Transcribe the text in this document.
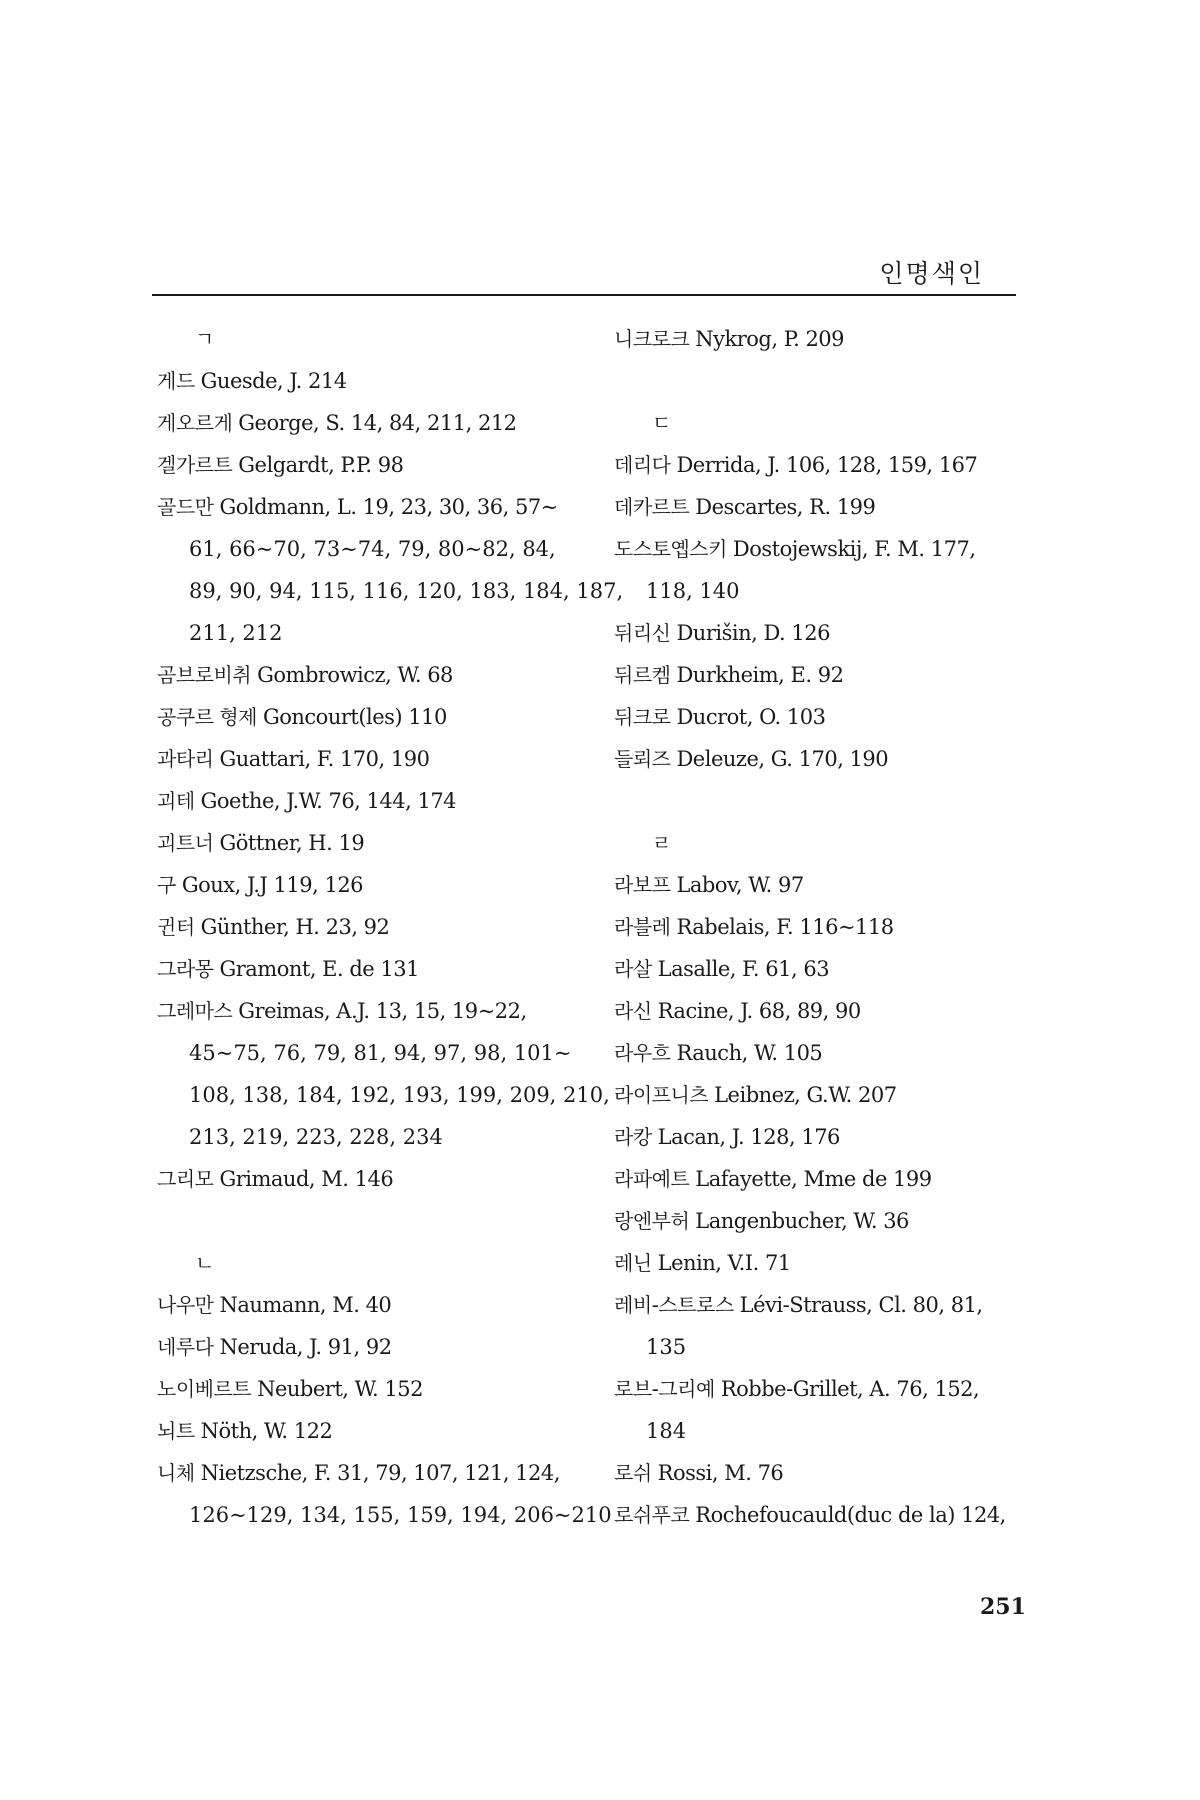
인명색인
ㄱ
게드 Guesde, J. 214
게오르게 George, S. 14, 84, 211, 212
겔가르트 Gelgardt, P.P. 98
골드만 Goldmann, L. 19, 23, 30, 36, 57∼
61, 66∼70, 73∼74, 79, 80∼82, 84,
89, 90, 94, 115, 116, 120, 183, 184, 187,
211, 212
곰브로비취 Gombrowicz, W. 68
공쿠르 형제 Goncourt(les) 110
과타리 Guattari, F. 170, 190
괴테 Goethe, J.W. 76, 144, 174
괴트너 Göttner, H. 19
구 Goux, J.J 119, 126
귄터 Günther, H. 23, 92
그라몽 Gramont, E. de 131
그레마스 Greimas, A.J. 13, 15, 19∼22,
45∼75, 76, 79, 81, 94, 97, 98, 101∼
108, 138, 184, 192, 193, 199, 209, 210,
213, 219, 223, 228, 234
그리모 Grimaud, M. 146
ㄴ
나우만 Naumann, M. 40
네루다 Neruda, J. 91, 92
노이베르트 Neubert, W. 152
뇌트 Nöth, W. 122
니체 Nietzsche, F. 31, 79, 107, 121, 124,
126∼129, 134, 155, 159, 194, 206∼210
니크로크 Nykrog, P. 209
ㄷ
데리다 Derrida, J. 106, 128, 159, 167
데카르트 Descartes, R. 199
도스토옙스키 Dostojewskij, F. M. 177,
118, 140
뒤리신 Durišin, D. 126
뒤르켐 Durkheim, E. 92
뒤크로 Ducrot, O. 103
들뢰즈 Deleuze, G. 170, 190
ㄹ
라보프 Labov, W. 97
라블레 Rabelais, F. 116∼118
라살 Lasalle, F. 61, 63
라신 Racine, J. 68, 89, 90
라우흐 Rauch, W. 105
라이프니츠 Leibnez, G.W. 207
라캉 Lacan, J. 128, 176
라파예트 Lafayette, Mme de 199
랑엔부허 Langenbucher, W. 36
레닌 Lenin, V.I. 71
레비-스트로스 Lévi-Strauss, Cl. 80, 81,
135
로브-그리예 Robbe-Grillet, A. 76, 152,
184
로쉬 Rossi, M. 76
로쉬푸코 Rochefoucauld(duc de la) 124,
251
